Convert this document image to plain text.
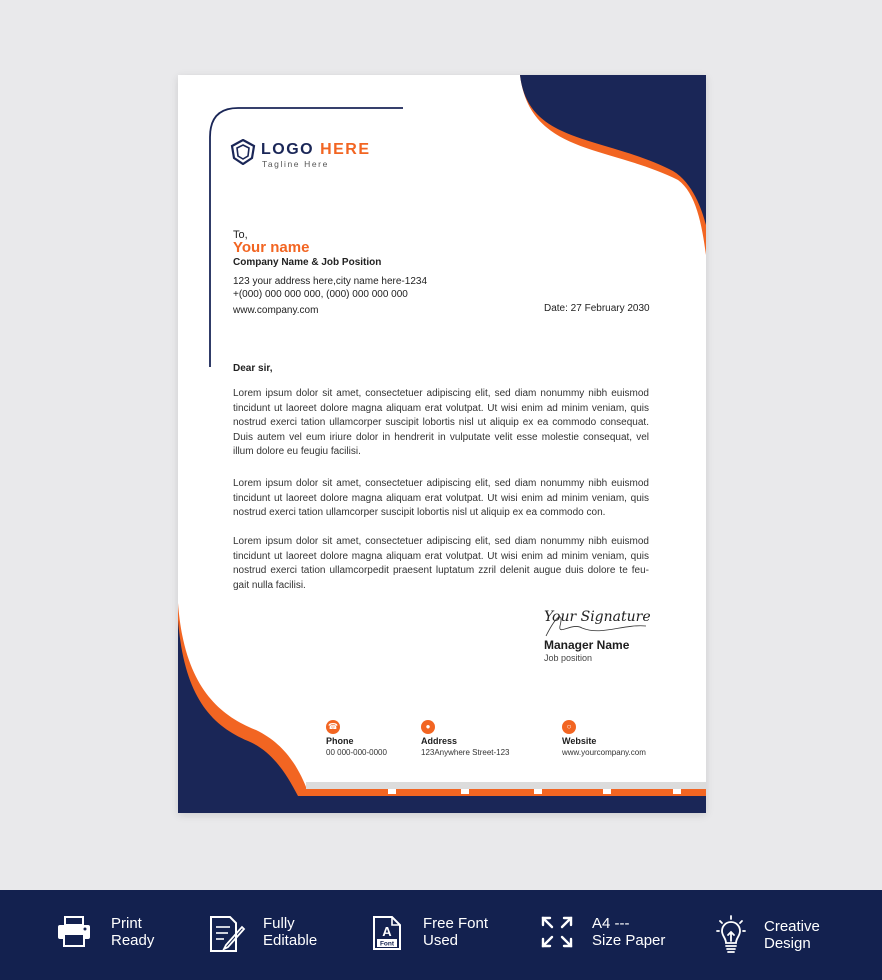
LOGO HERE
Tagline Here
To,
Your name
Company Name & Job Position
123 your address here,city name here-1234
+(000) 000 000 000, (000) 000 000 000
www.company.com	Date: 27 February 2030
Dear sir,

Lorem ipsum dolor sit amet, consectetuer adipiscing elit, sed diam nonummy nibh euismod tincidunt ut laoreet dolore magna aliquam erat volutpat. Ut wisi enim ad minim veniam, quis nostrud exerci tation ullamcorper suscipit lobortis nisl ut aliquip ex ea commodo consequat. Duis autem vel eum iriure dolor in hendrerit in vulputate velit esse molestie consequat, vel illum dolore eu feugiu facilisi.

Lorem ipsum dolor sit amet, consectetuer adipiscing elit, sed diam nonummy nibh euismod tincidunt ut laoreet dolore magna aliquam erat volutpat. Ut wisi enim ad minim veniam, quis nostrud exerci tation ullamcorper suscipit lobortis nisl ut aliquip ex ea commodo con.

Lorem ipsum dolor sit amet, consectetuer adipiscing elit, sed diam nonummy nibh euismod tincidunt ut laoreet dolore magna aliquam erat volutpat. Ut wisi enim ad minim veniam, quis nostrud exerci tation ullamcorpedit praesent luptatum zzril delenit augue duis dolore te feu-gait nulla facilisi.

Your Signature
Manager Name
Job position
☎
Phone
00 000-000-0000
●
Address
123Anywhere Street-123
○
Website
www.yourcompany.com
Print
Ready
Fully
Editable
A
Font
Free Font
Used
A4 ---
Size Paper
Creative
Design
